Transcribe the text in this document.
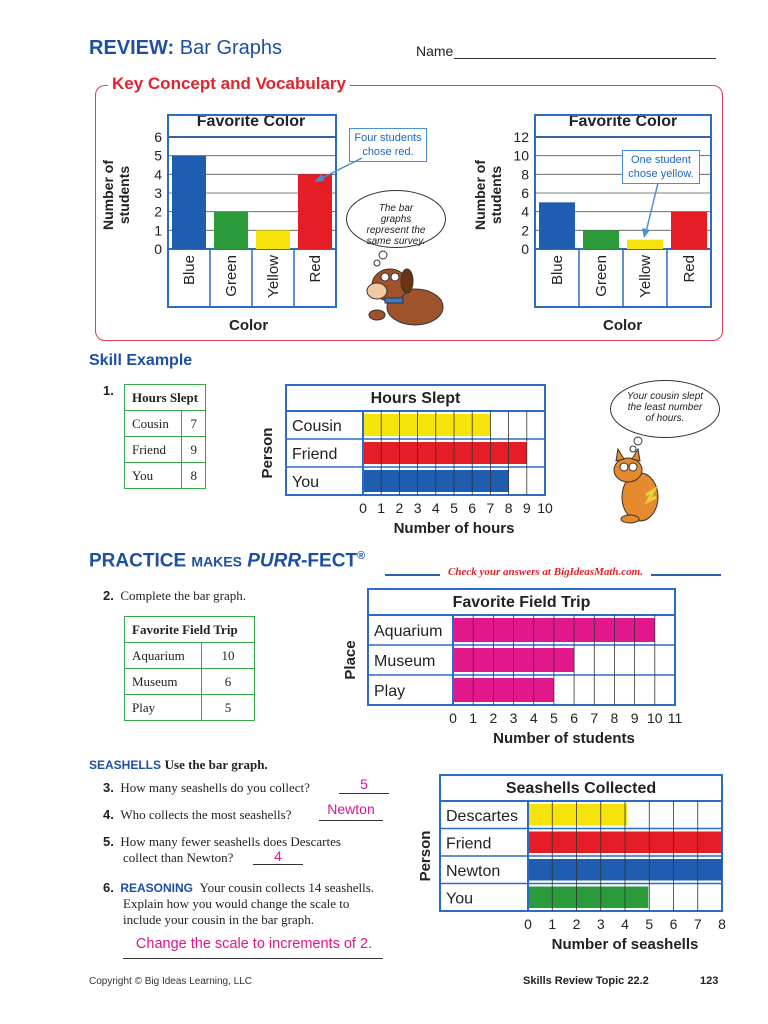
REVIEW: Bar Graphs	Name
Key Concept and Vocabulary
Number of
students
Favorite Color
0
1
2
3
4
5
6
Blue Green Yellow Red
Color
Four students chose red.
Number of
students
Favorite Color
0
2
4
6
8
10
12
Blue Green Yellow Red
Color
One student chose yellow.
The bar graphs represent the same survey.
Skill Example
1. Hours Slept	
Cousin	7
Friend	9
You	8
Hours Slept
Cousin
Friend
You
0 1 2 3 4 5 6 7 8 9 10
Number of hours
Person
Your cousin slept the least number of hours.
PRACTICE MAKES PURR-FECT®
Check your answers at BigIdeasMath.com.
2. Complete the bar graph.
Favorite Field Trip	
Aquarium	10
Museum	6
Play	5
Favorite Field Trip
Aquarium
Museum
Play
0 1 2 3 4 5 6 7 8 9 10 11
Number of students
Place
SEASHELLS Use the bar graph.
3. How many seashells do you collect?	5
4. Who collects the most seashells?	Newton
5. How many fewer seashells does Descartes
collect than Newton?	4
6. REASONING Your cousin collects 14 seashells.
Explain how you would change the scale to
include your cousin in the bar graph.
Change the scale to increments of 2.
Seashells Collected
Descartes
Friend
Newton
You
0 1 2 3 4 5 6 7 8
Number of seashells
Person
Copyright © Big Ideas Learning, LLC	Skills Review Topic 22.2	123
